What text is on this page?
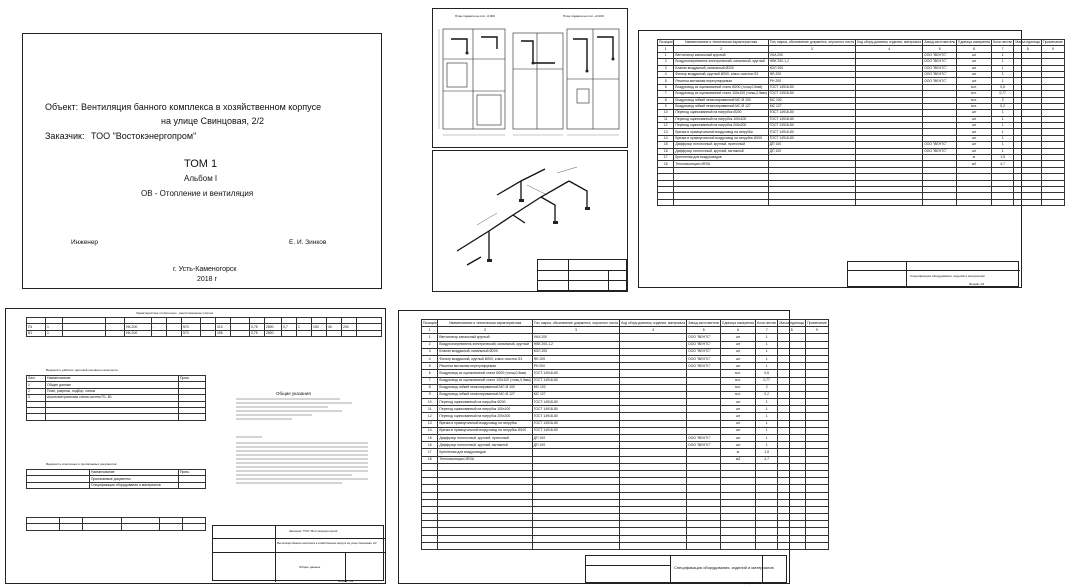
Объект: Вентиляция банного комплекса в хозяйственном корпусе
на улице Свинцовая, 2/2
Заказчик: ТОО "Востокэнергопром"
ТОМ 1
Альбом I
ОВ - Отопление и вентиляция
Инженер	Е. И. Зинков
г. Усть-Каменогорск
2018 г
План подвала на отм. -0,000	План подвала на отм. +0,000
Позиция	Наименование и техническая характеристика	Тип, марка, обозначение документа, опросного листа	Код обору-дования, изделия, материала	Завод-изготовитель	Единица измерения	Коли-чество	Масса единицы	Примечание
1	2	3	4	5	6	7	8	9
1	Вентилятор канальный круглый	VKA 200		ООО "ВЕНТС"	шт	1		
2	Воздухонагреватель электрический, канальный, круглый	НВК 200-1,2		ООО "ВЕНТС"	шт	1		
3	Клапан воздушный, канальный Ø200	КОЛ 200		ООО "ВЕНТС"	шт	1		
4	Фильтр воздушный, круглый Ø200, класс очистки G3	ФБ 200		ООО "ВЕНТС"	шт	1		
5	Решетка вытяжная нерегулируемая	РН 200		ООО "ВЕНТС"	шт	1		
6	Воздуховод из оцинкованной стали Ø200 (толщ.0,5мм)	ГОСТ 14918-80			м.п.	0,6		
7	Воздуховод из оцинкованной стали 100x100 (толщ.0,5мм)	ГОСТ 14918-80			м.п.	0,77		
8	Воздуховод гибкий неизолированный МС Ø 100	МС 102			м.п.	2		
9	Воздуховод гибкий неизолированный МС Ø 127	МС 127			м.п.	0,2		
10	Переход оцинкованный на патрубок Ø200	ГОСТ 14918-80			шт	1		
11	Переход оцинкованный на патрубок 100x100	ГОСТ 14918-80			шт	1		
12	Переход оцинкованный на патрубок 200x200	ГОСТ 14918-80			шт	1		
13	Врезка в прямоугольный воздуховод на патрубок	ГОСТ 14918-80			шт	1		
14	Врезка в прямоугольный воздуховод на патрубок Ø100	ГОСТ 14918-80			шт	1		
15	Диффузор потолочный, круглый, приточный	ДП 100		ООО "ВЕНТС"	шт	1		
16	Диффузор потолочный, круглый, вытяжной	ДП 100		ООО "ВЕНТС"	шт	1		
17	Крепления для воздуховодов				кг	1,5		
18	Теплоизоляция URSA				м2	4,7		

Спецификация оборудования, изделий и материалов
Формат А3
Характеристика отопительно - вентиляционных систем

П1	1			НК-200	-		570		210		0,75	2800	0,7	1	150	40	200	
В1	1			НК-200	-		570		155		0,75	2800						
Ведомость рабочих чертежей основного комплекта
Лист	Наименование	Прим.
1	Общие данные	
2	План, разрезы, подбор, схемы	
3	Аксонометрическая схема систем П1, В1	

Ведомость ссылочных и прилагаемых документов
	Наименование	Прим.
	Прилагаемые документы	
	Спецификация оборудования и материалов	

Общие указания
Заказчик: ТОО "Востокэнергопром"
Вентиляция банного комплекса в хозяйственном корпусе на улице Свинцовая, 2/2
Общие данные
Формат А3
Позиция	Наименование и техническая характеристика	Тип, марка, обозначение документа, опросного листа	Код обору-дования, изделия, материала	Завод-изготовитель	Единица измерения	Коли-чество	Масса единицы	Примечание
1	2	3	4	5	6	7	8	9
1	Вентилятор канальный круглый	VKA 200		ООО "ВЕНТС"	шт	1		
2	Воздухонагреватель электрический, канальный, круглый	НВК 200-1,2		ООО "ВЕНТС"	шт	1		
3	Клапан воздушный, канальный Ø200	КОЛ 200		ООО "ВЕНТС"	шт	1		
4	Фильтр воздушный, круглый Ø200, класс очистки G3	ФБ 200		ООО "ВЕНТС"	шт	1		
5	Решетка вытяжная нерегулируемая	РН 200		ООО "ВЕНТС"	шт	1		
6	Воздуховод из оцинкованной стали Ø200 (толщ.0,5мм)	ГОСТ 14918-80			м.п.	0,6		
7	Воздуховод из оцинкованной стали 100x100 (толщ.0,5мм)	ГОСТ 14918-80			м.п.	0,77		
8	Воздуховод гибкий неизолированный МС Ø 100	МС 102			м.п.	2		
9	Воздуховод гибкий неизолированный МС Ø 127	МС 127			м.п.	0,2		
10	Переход оцинкованный на патрубок Ø200	ГОСТ 14918-80			шт	1		
11	Переход оцинкованный на патрубок 100x100	ГОСТ 14918-80			шт	1		
12	Переход оцинкованный на патрубок 200x200	ГОСТ 14918-80			шт	1		
13	Врезка в прямоугольный воздуховод на патрубок	ГОСТ 14918-80			шт	1		
14	Врезка в прямоугольный воздуховод на патрубок Ø100	ГОСТ 14918-80			шт	1		
15	Диффузор потолочный, круглый, приточный	ДП 100		ООО "ВЕНТС"	шт	1		
16	Диффузор потолочный, круглый, вытяжной	ДП 100		ООО "ВЕНТС"	шт	1		
17	Крепления для воздуховодов				кг	1,5		
18	Теплоизоляция URSA				м2	4,7		

Спецификация оборудования, изделий и материалов
Формат А3
